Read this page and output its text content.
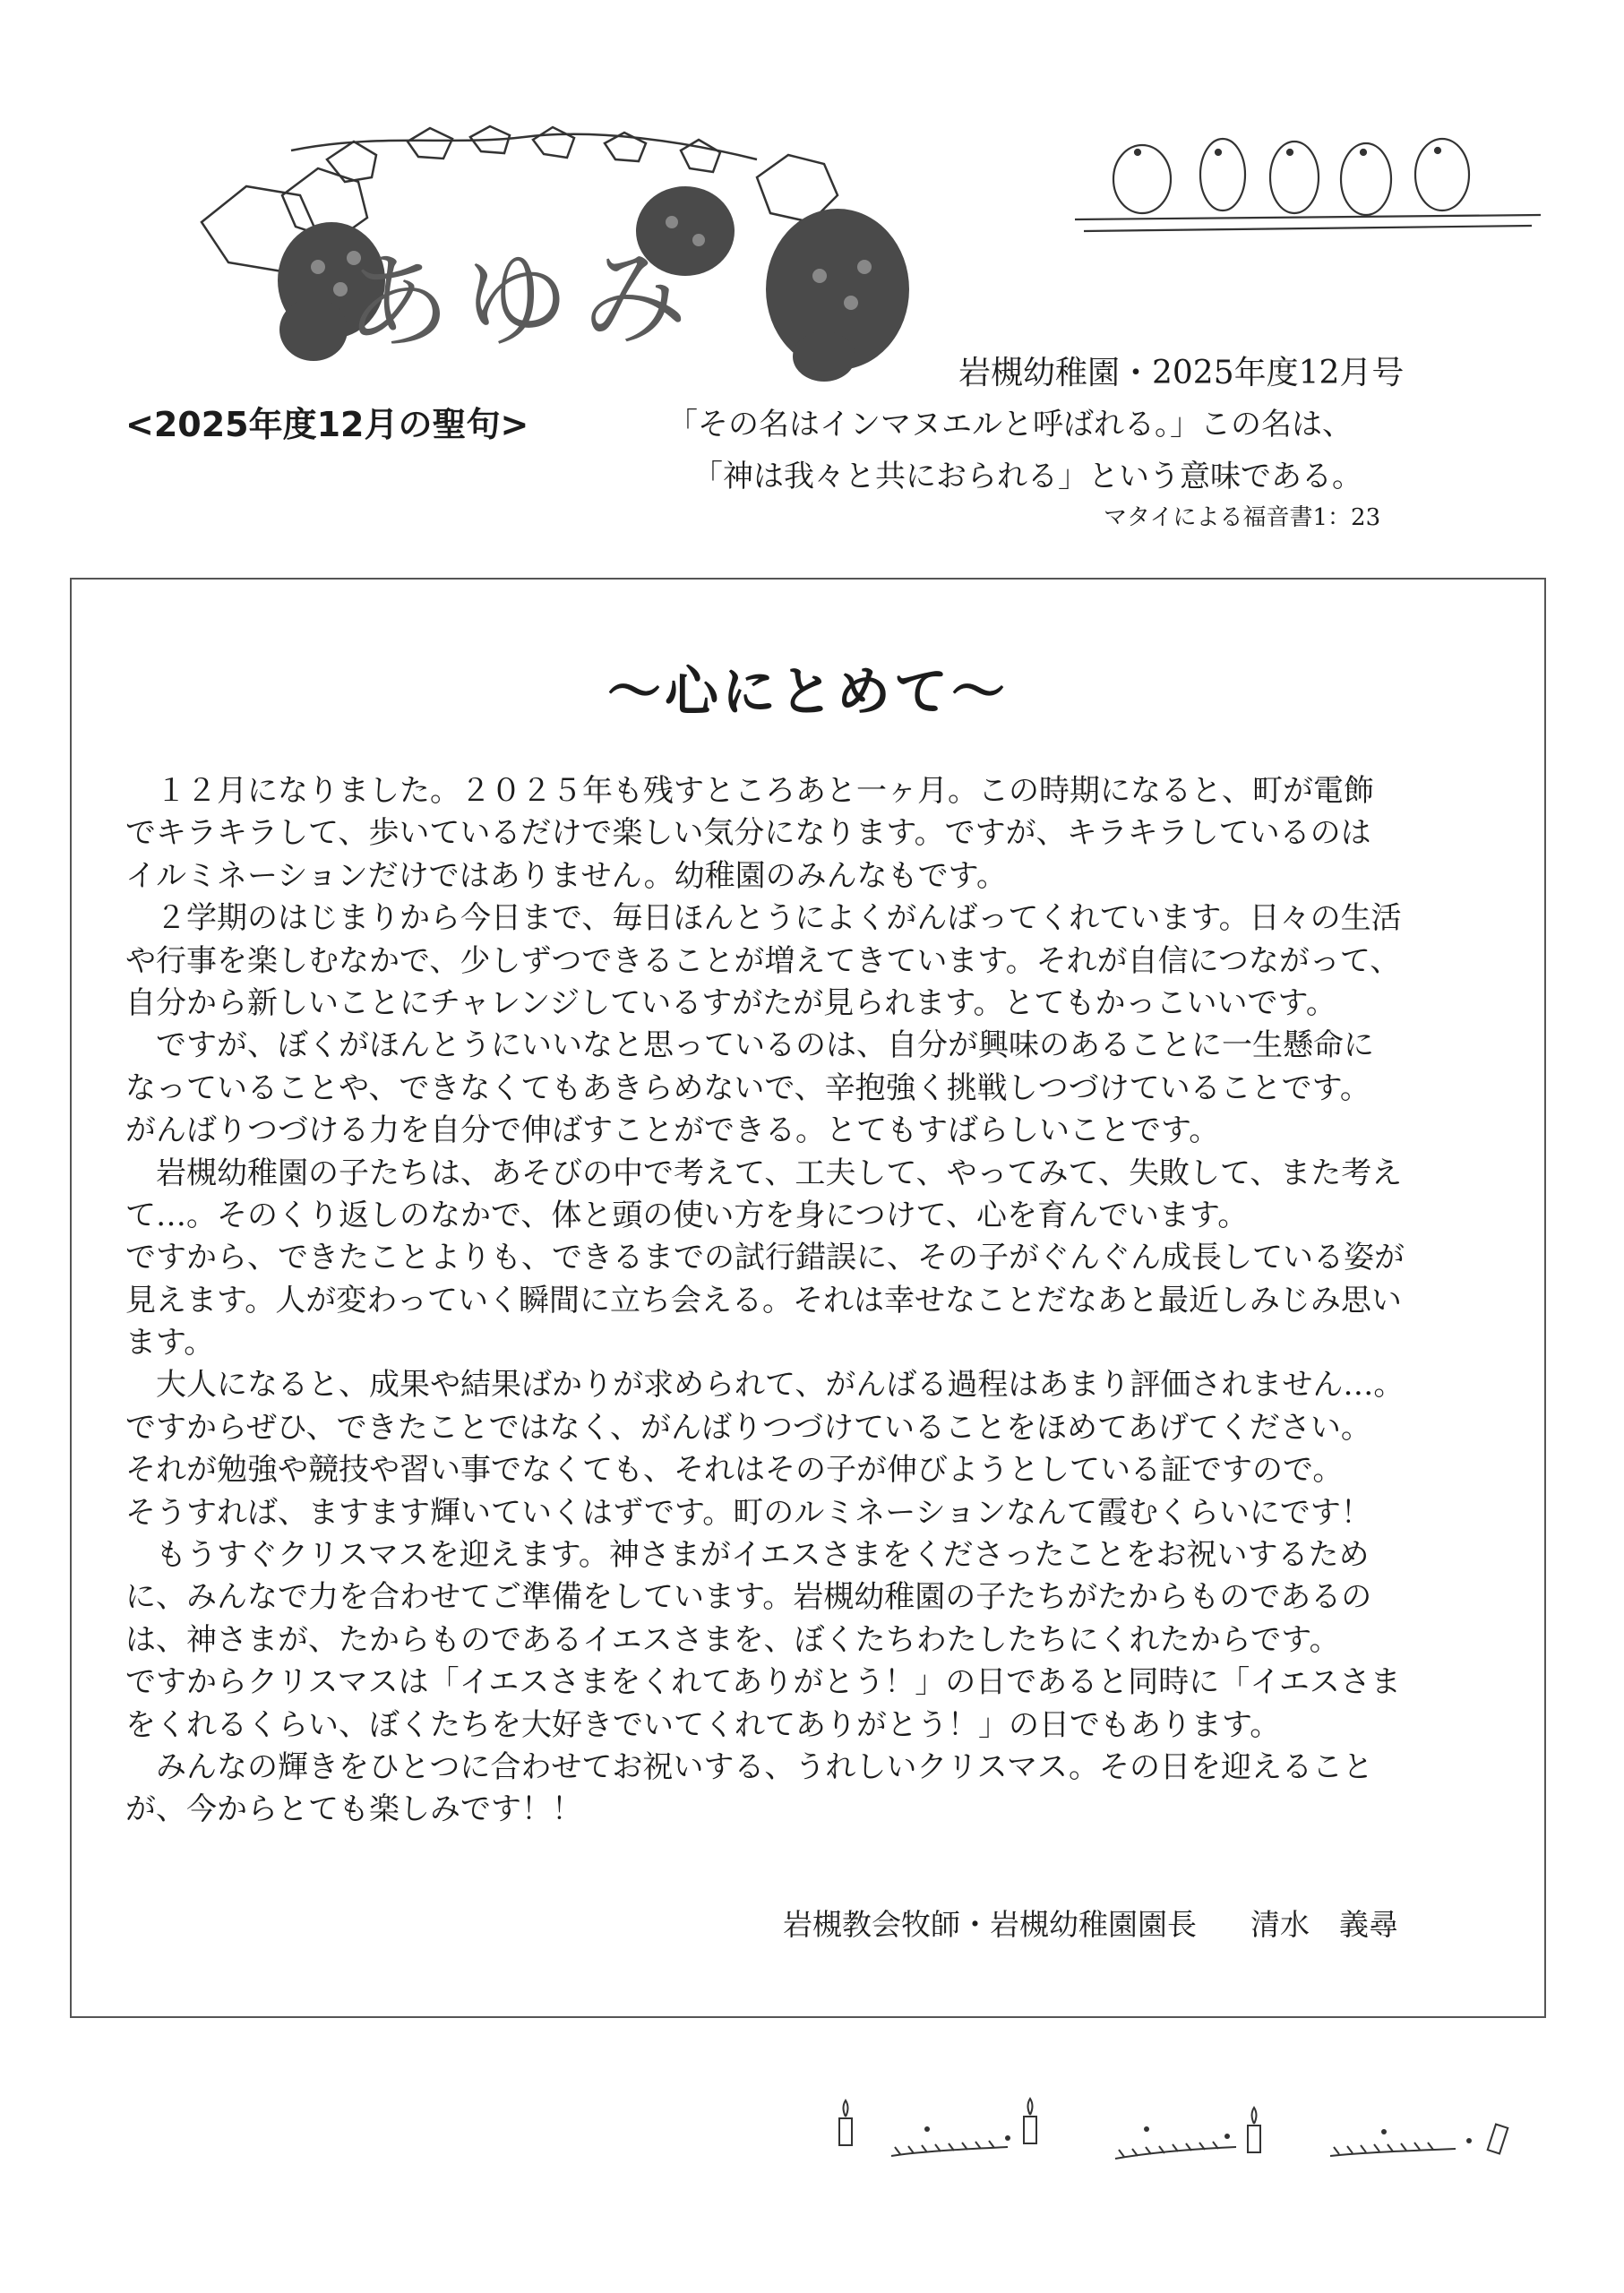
あゆみ
岩槻幼稚園・2025年度12月号
<2025年度12月の聖句>	「その名はインマヌエルと呼ばれる。」この名は、
「神は我々と共におられる」という意味である。
マタイによる福音書1：23
～心にとめて～
　１２月になりました。２０２５年も残すところあと一ヶ月。この時期になると、町が電飾
でキラキラして、歩いているだけで楽しい気分になります。ですが、キラキラしているのは
イルミネーションだけではありません。幼稚園のみんなもです。
　２学期のはじまりから今日まで、毎日ほんとうによくがんばってくれています。日々の生活
や行事を楽しむなかで、少しずつできることが増えてきています。それが自信につながって、
自分から新しいことにチャレンジしているすがたが見られます。とてもかっこいいです。
　ですが、ぼくがほんとうにいいなと思っているのは、自分が興味のあることに一生懸命に
なっていることや、できなくてもあきらめないで、辛抱強く挑戦しつづけていることです。
がんばりつづける力を自分で伸ばすことができる。とてもすばらしいことです。
　岩槻幼稚園の子たちは、あそびの中で考えて、工夫して、やってみて、失敗して、また考え
て…。そのくり返しのなかで、体と頭の使い方を身につけて、心を育んでいます。
ですから、できたことよりも、できるまでの試行錯誤に、その子がぐんぐん成長している姿が
見えます。人が変わっていく瞬間に立ち会える。それは幸せなことだなあと最近しみじみ思い
ます。
　大人になると、成果や結果ばかりが求められて、がんばる過程はあまり評価されません…。
ですからぜひ、できたことではなく、がんばりつづけていることをほめてあげてください。
それが勉強や競技や習い事でなくても、それはその子が伸びようとしている証ですので。
そうすれば、ますます輝いていくはずです。町のルミネーションなんて霞むくらいにです！
　もうすぐクリスマスを迎えます。神さまがイエスさまをくださったことをお祝いするため
に、みんなで力を合わせてご準備をしています。岩槻幼稚園の子たちがたからものであるの
は、神さまが、たからものであるイエスさまを、ぼくたちわたしたちにくれたからです。
ですからクリスマスは「イエスさまをくれてありがとう！」の日であると同時に「イエスさま
をくれるくらい、ぼくたちを大好きでいてくれてありがとう！」の日でもあります。
　みんなの輝きをひとつに合わせてお祝いする、うれしいクリスマス。その日を迎えること
が、今からとても楽しみです！！
岩槻教会牧師・岩槻幼稚園園長 清水　義尋
